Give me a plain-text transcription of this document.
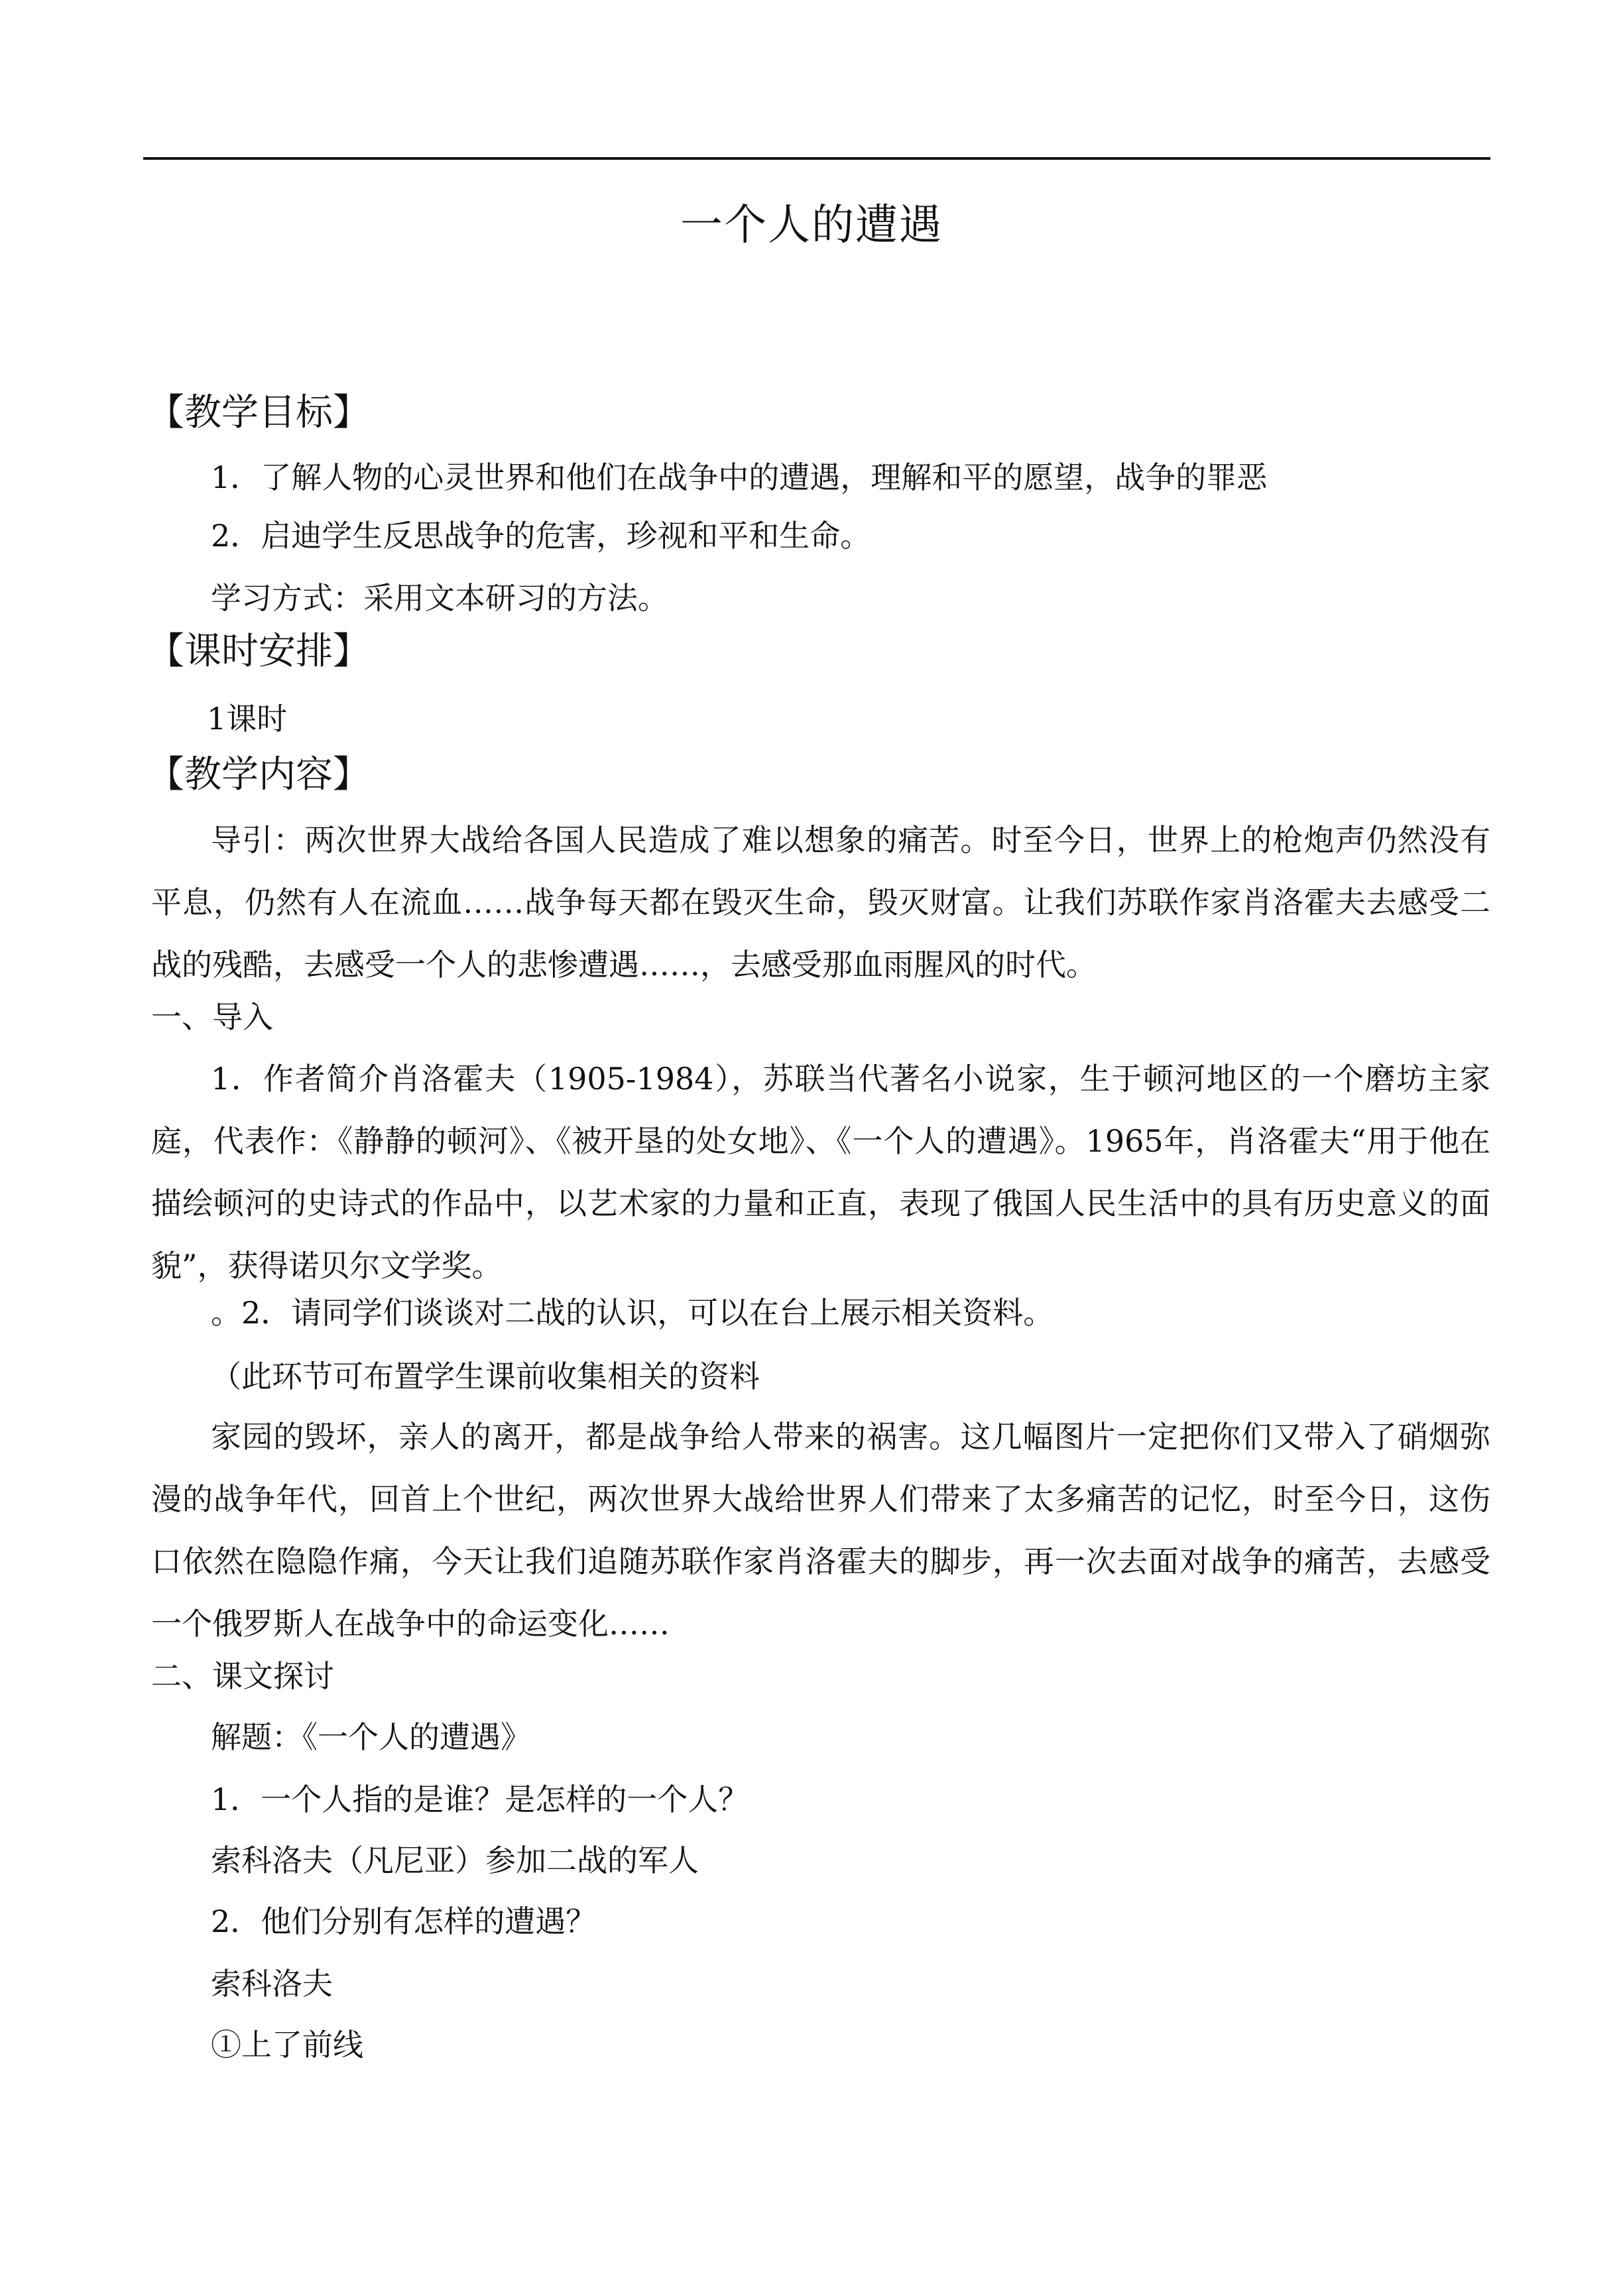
一个人的遭遇
【教学目标】
1．了解人物的心灵世界和他们在战争中的遭遇，理解和平的愿望，战争的罪恶
2．启迪学生反思战争的危害，珍视和平和生命。
学习方式：采用文本研习的方法。
【课时安排】
1课时
【教学内容】
导引：两次世界大战给各国人民造成了难以想象的痛苦。时至今日，世界上的枪炮声仍然没有平息，仍然有人在流血……战争每天都在毁灭生命，毁灭财富。让我们苏联作家肖洛霍夫去感受二战的残酷，去感受一个人的悲惨遭遇……，去感受那血雨腥风的时代。
一、导入
1．作者简介肖洛霍夫（1905-1984），苏联当代著名小说家，生于顿河地区的一个磨坊主家庭，代表作：《静静的顿河》、《被开垦的处女地》、《一个人的遭遇》。1965年，肖洛霍夫“用于他在描绘顿河的史诗式的作品中，以艺术家的力量和正直，表现了俄国人民生活中的具有历史意义的面貌”，获得诺贝尔文学奖。
。2．请同学们谈谈对二战的认识，可以在台上展示相关资料。
（此环节可布置学生课前收集相关的资料
家园的毁坏，亲人的离开，都是战争给人带来的祸害。这几幅图片一定把你们又带入了硝烟弥漫的战争年代，回首上个世纪，两次世界大战给世界人们带来了太多痛苦的记忆，时至今日，这伤口依然在隐隐作痛，今天让我们追随苏联作家肖洛霍夫的脚步，再一次去面对战争的痛苦，去感受一个俄罗斯人在战争中的命运变化……
二、课文探讨
解题：《一个人的遭遇》
1．一个人指的是谁？是怎样的一个人？
索科洛夫（凡尼亚）参加二战的军人
2．他们分别有怎样的遭遇？
索科洛夫
①上了前线
